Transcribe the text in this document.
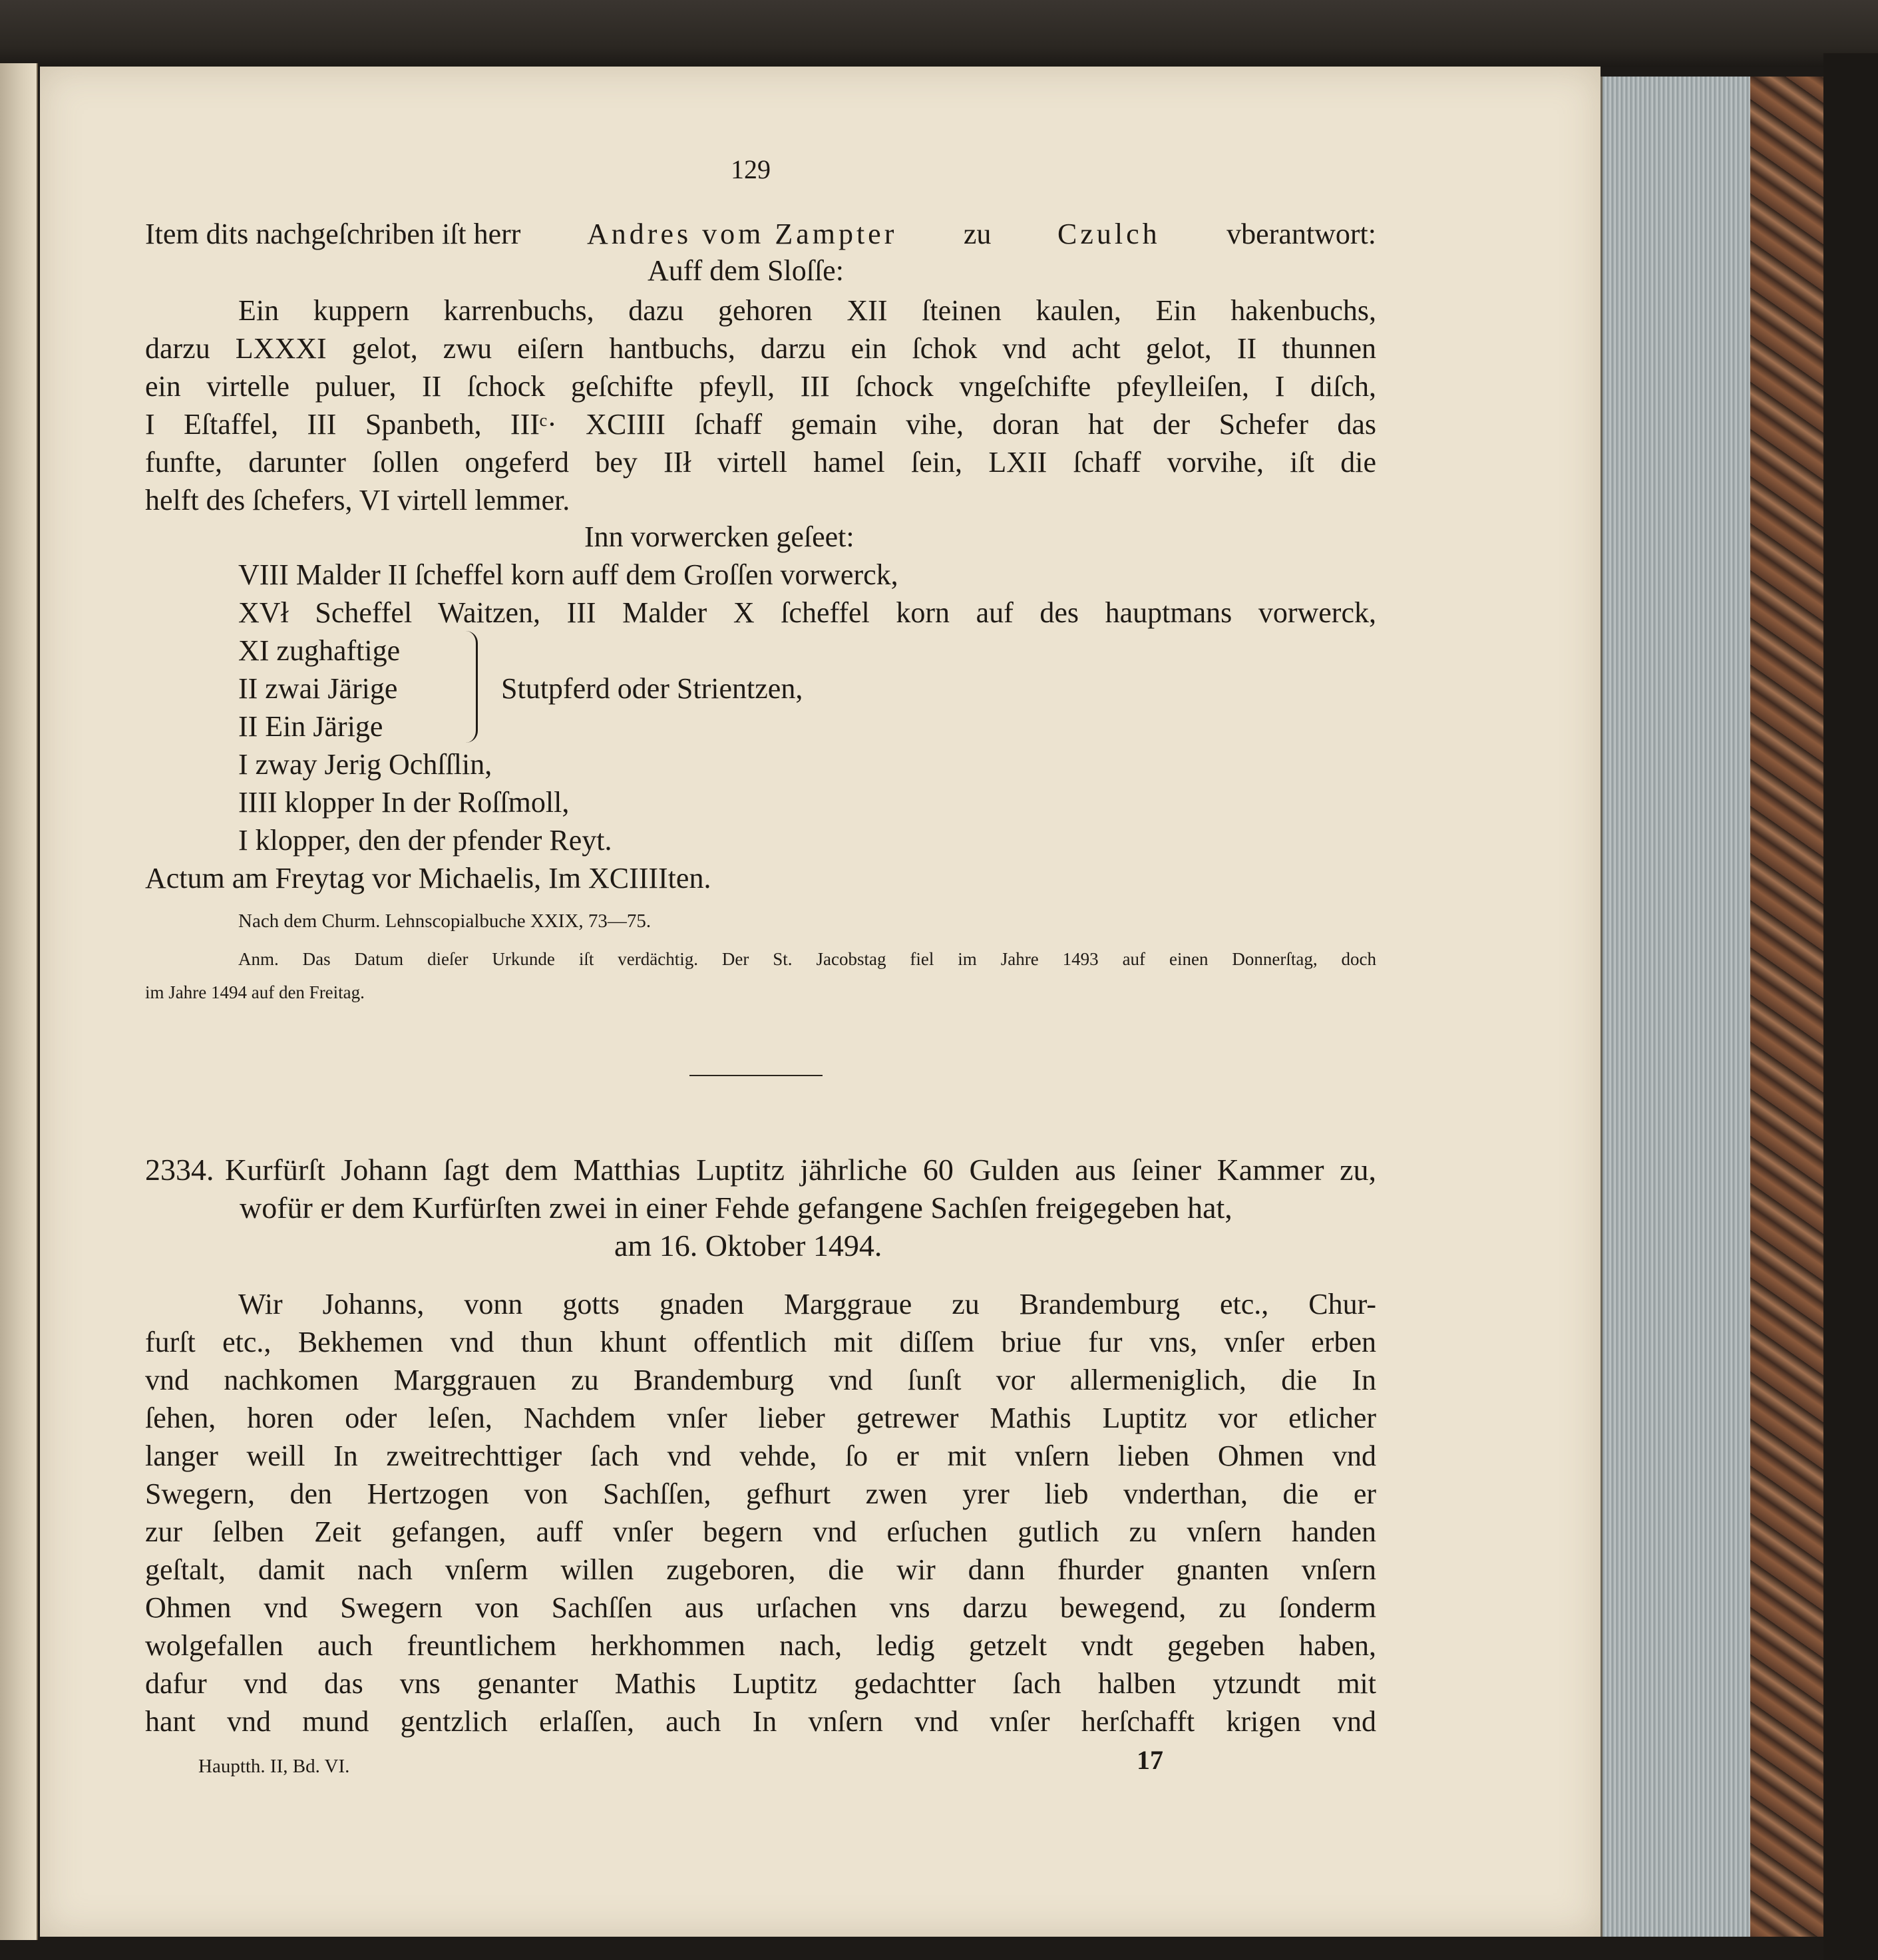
129
Item dits nachgeſchriben iſt herr Andres vom Zampter zu Czulch vberantwort:
Auff dem Sloſſe:
Ein kuppern karrenbuchs, dazu gehoren XII ſteinen kaulen, Ein hakenbuchs,
darzu LXXXI gelot, zwu eiſern hantbuchs, darzu ein ſchok vnd acht gelot, II thunnen
ein virtelle puluer, II ſchock geſchifte pfeyll, III ſchock vngeſchifte pfeylleiſen, I diſch,
I Eſtaffel, III Spanbeth, IIIᶜ· XCIIII ſchaff gemain vihe, doran hat der Schefer das
funfte, darunter ſollen ongeferd bey IIł virtell hamel ſein, LXII ſchaff vorvihe, iſt die
helft des ſchefers, VI virtell lemmer.
Inn vorwercken geſeet:
VIII Malder II ſcheffel korn auff dem Groſſen vorwerck,
XVł Scheffel Waitzen, III Malder X ſcheffel korn auf des hauptmans vorwerck,
XI zughaftige
II zwai Järige
II Ein Järige
Stutpferd oder Strientzen,
I zway Jerig Ochſſlin,
IIII klopper In der Roſſmoll,
I klopper, den der pfender Reyt.
Actum am Freytag vor Michaelis, Im XCIIIIten.
Nach dem Churm. Lehnscopialbuche XXIX, 73—75.
Anm. Das Datum dieſer Urkunde iſt verdächtig. Der St. Jacobstag fiel im Jahre 1493 auf einen Donnerſtag, doch
im Jahre 1494 auf den Freitag.
2334. Kurfürſt Johann ſagt dem Matthias Luptitz jährliche 60 Gulden aus ſeiner Kammer zu,
wofür er dem Kurfürſten zwei in einer Fehde gefangene Sachſen freigegeben hat,
am 16. Oktober 1494.
Wir Johanns, vonn gotts gnaden Marggraue zu Brandemburg etc., Chur-
furſt etc., Bekhemen vnd thun khunt offentlich mit diſſem briue fur vns, vnſer erben
vnd nachkomen Marggrauen zu Brandemburg vnd ſunſt vor allermeniglich, die In
ſehen, horen oder leſen, Nachdem vnſer lieber getrewer Mathis Luptitz vor etlicher
langer weill In zweitrechttiger ſach vnd vehde, ſo er mit vnſern lieben Ohmen vnd
Swegern, den Hertzogen von Sachſſen, gefhurt zwen yrer lieb vnderthan, die er
zur ſelben Zeit gefangen, auff vnſer begern vnd erſuchen gutlich zu vnſern handen
geſtalt, damit nach vnſerm willen zugeboren, die wir dann fhurder gnanten vnſern
Ohmen vnd Swegern von Sachſſen aus urſachen vns darzu bewegend, zu ſonderm
wolgefallen auch freuntlichem herkhommen nach, ledig getzelt vndt gegeben haben,
dafur vnd das vns genanter Mathis Luptitz gedachtter ſach halben ytzundt mit
hant vnd mund gentzlich erlaſſen, auch In vnſern vnd vnſer herſchafft krigen vnd
Hauptth. II, Bd. VI.	17
